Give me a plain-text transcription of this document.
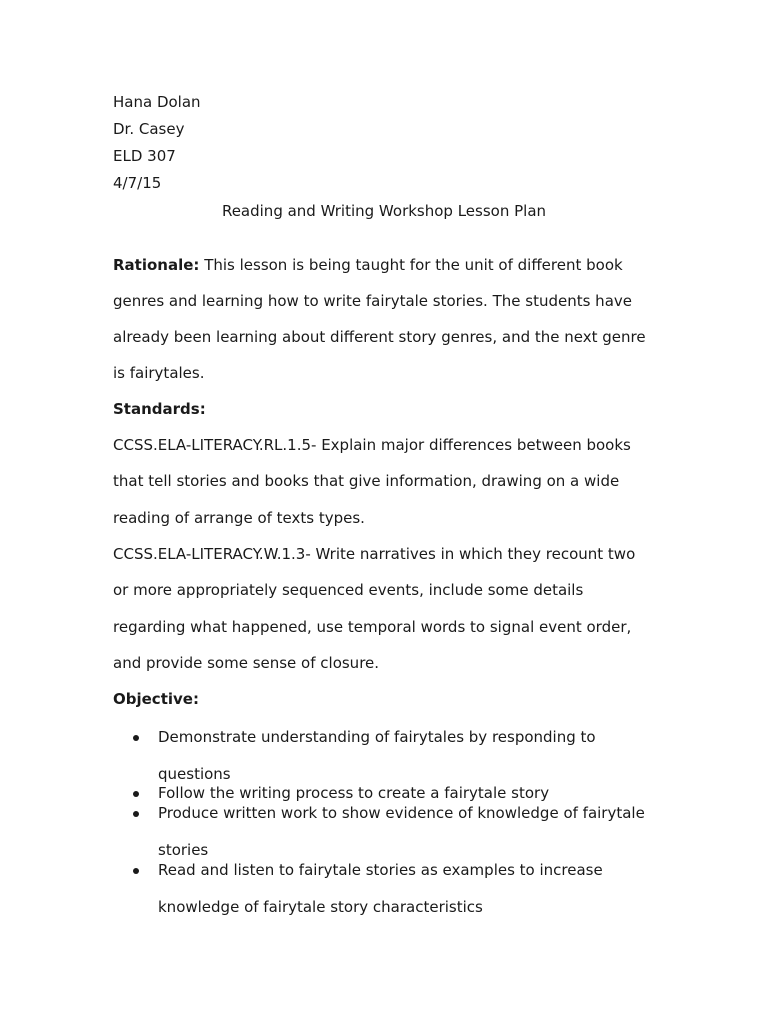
Hana Dolan
Dr. Casey
ELD 307
4/7/15
Reading and Writing Workshop Lesson Plan
Rationale: This lesson is being taught for the unit of different book
genres and learning how to write fairytale stories. The students have
already been learning about different story genres, and the next genre
is fairytales.
Standards:
CCSS.ELA-LITERACY.RL.1.5- Explain major differences between books
that tell stories and books that give information, drawing on a wide
reading of arrange of texts types.
CCSS.ELA-LITERACY.W.1.3- Write narratives in which they recount two
or more appropriately sequenced events, include some details
regarding what happened, use temporal words to signal event order,
and provide some sense of closure.
Objective:
Demonstrate understanding of fairytales by responding to
questions
Follow the writing process to create a fairytale story
Produce written work to show evidence of knowledge of fairytale
stories
Read and listen to fairytale stories as examples to increase
knowledge of fairytale story characteristics
